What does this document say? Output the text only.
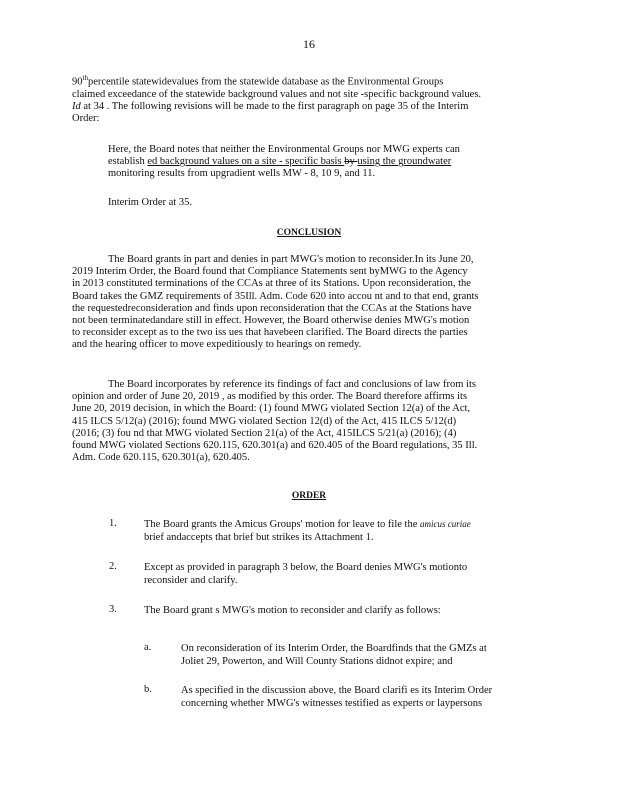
16
90thpercentile statewidevalues from the statewide database as the Environmental Groups
claimed exceedance of the statewide background values and not site -specific background values.
Id at 34 . The following revisions will be made to the first paragraph on page 35 of the Interim
Order:
Here, the Board notes that neither the Environmental Groups nor MWG experts can
establish ed background values on a site - specific basis by using the groundwater
monitoring results from upgradient wells MW - 8, 10 9, and 11.
Interim Order at 35.
CONCLUSION
The Board grants in part and denies in part MWG's motion to reconsider.In its June 20,
2019 Interim Order, the Board found that Compliance Statements sent byMWG to the Agency
in 2013 constituted terminations of the CCAs at three of its Stations. Upon reconsideration, the
Board takes the GMZ requirements of 35Ill. Adm. Code 620 into accou nt and to that end, grants
the requestedreconsideration and finds upon reconsideration that the CCAs at the Stations have
not been terminatedandare still in effect. However, the Board otherwise denies MWG's motion
to reconsider except as to the two iss ues that havebeen clarified. The Board directs the parties
and the hearing officer to move expeditiously to hearings on remedy.
The Board incorporates by reference its findings of fact and conclusions of law from its
opinion and order of June 20, 2019 , as modified by this order. The Board therefore affirms its
June 20, 2019 decision, in which the Board: (1) found MWG violated Section 12(a) of the Act,
415 ILCS 5/12(a) (2016); found MWG violated Section 12(d) of the Act, 415 ILCS 5/12(d)
(2016; (3) fou nd that MWG violated Section 21(a) of the Act, 415ILCS 5/21(a) (2016); (4)
found MWG violated Sections 620.115, 620.301(a) and 620.405 of the Board regulations, 35 Ill.
Adm. Code 620.115, 620.301(a), 620.405.
ORDER
1.	The Board grants the Amicus Groups' motion for leave to file the amicus curiae
brief andaccepts that brief but strikes its Attachment 1.
2.	Except as provided in paragraph 3 below, the Board denies MWG's motionto
reconsider and clarify.
3.	The Board grant s MWG's motion to reconsider and clarify as follows:
a.	On reconsideration of its Interim Order, the Boardfinds that the GMZs at
Joliet 29, Powerton, and Will County Stations didnot expire; and
b.	As specified in the discussion above, the Board clarifi es its Interim Order
concerning whether MWG's witnesses testified as experts or laypersons
